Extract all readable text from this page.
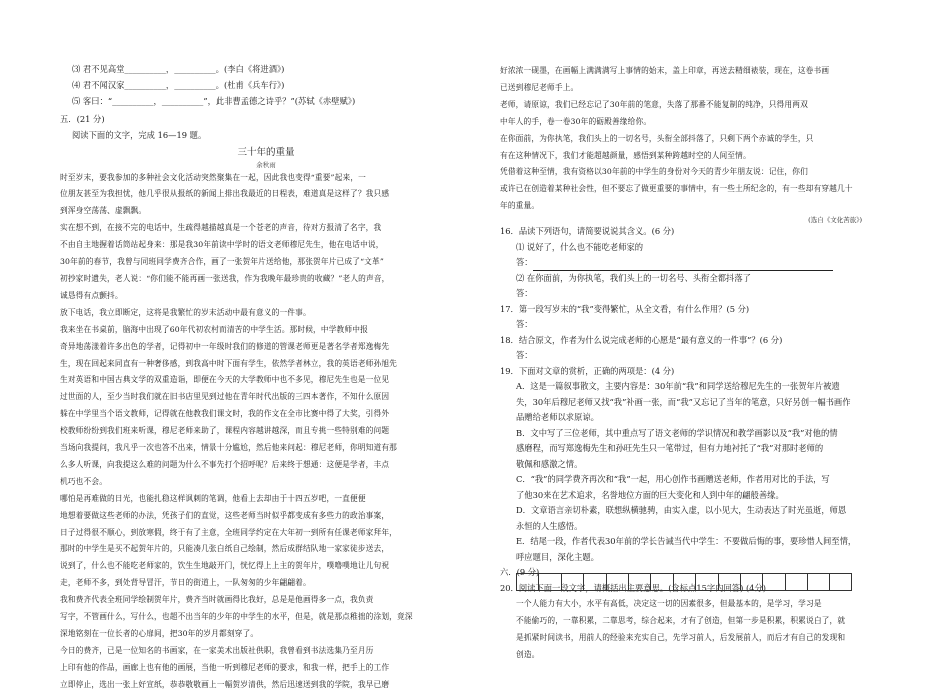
⑶ 君不见高堂__________，__________。(李白《将进酒》)
⑷ 君不闻汉家__________，__________。(杜甫《兵车行》)
⑸ 客曰：“__________，__________”，此非曹孟德之诗乎？”(苏轼《赤壁赋》)
五．(21 分)
阅读下面的文字，完成 16—19 题。
三十年的重量
余秋雨
时至岁末，要我参加的多种社会文化活动突然聚集在一起，因此我也变得“重要”起来，一
位朋友甚至为我担忧，他几乎很从报纸的新闻上排出我最近的日程表，难道真是这样了？我只感
到浑身空荡荡、虚飘飘。
实在想不到，在接不完的电话中，生疏得越描越真是一个苍老的声音，待对方报清了名字，我
不由自主地握着话筒站起身来：那是我30年前读中学时的语文老师穆尼先生，他在电话中说，
30年前的春节，我曾与同班同学费齐合作，画了一张贺年片送给他，那张贺年片已成了“文革”
初抄家时遗失，老人说：“你们能不能再画一张送我，作为我晚年最珍贵的收藏？”老人的声音，
诚恳得有点颤抖。
放下电话，我立即断定，这将是我繁忙的岁末活动中最有意义的一件事。
我来坐在书桌前，脑海中出现了60年代初农村而清苦的中学生活。那时候，中学教师中报
奇异地荡漾着许多出色的学者，记得初中一年级时我们的修道的管课老师更是著名学者郑逸梅先
生，现在回起来同直有一种奢侈感，到我高中时下面有学生，依然学者林立，我的英语老师孙旭先
生对英语和中国古典文学的双重造诣，即便在今天的大学教师中也不多见，穆尼先生也是一位见
过世面的人，至少当时我们就在旧书店里见到过他在青年时代出版的三四本著作，不知什么原因
躲在中学里当个语文教师，记得就在他教我们课文时，我的作文在全市比赛中得了大奖，引得外
校教师纷纷到我们班来听课，穆尼老师来助了，课程内容越讲越深，而且专挑一些特别难的问题
当场向我提问，我凡乎一次也答不出来，情景十分尴尬，然后他来问起：穆尼老师，你明知道有那
么多人听课，向我提这么难的问题为什么不事先打个招呼呢？后来终于想通：这便是学者，丰点
机巧也不会。
哪怕是再难做的日光，也能扎稳这样讽刺的笔调，他看上去却由于十四五岁吧，一直便便
地想着要做这些老师的办法，凭孩子们的直觉，这些老师当时似乎都变成有多些力的政治事案，
日子过得很不顺心，到放寒假，终于有了主意，全班同学约定在大年初一到所有任课老师家拜年，
那时的中学生是买不起贺年片的，只能凑几张白纸自己绘制，然后成群结队地一家家徒步送去，
说到了，什么也不能吃老师家的，饮生生地敲开门，恍忆得上上主的贺年片，噗噜噗地让儿句祝
走，老师不多，到处背导冒汗，节日的街道上，一队匆匆的少年翩翩着。
我和费齐代表全班同学绘制贺年片，费齐当时就画得比我好，总是是他画得多一点，我负责
写字，不管画什么，写什么，也超不出当年的少年的中学生的水平，但是，就是那点稚拙的涂划，竟深
深地铭刻在一位长者的心扉间，把30年的岁月都刻穿了。
今日的费齐，已是一位知名的书画家，在一家美术出版社供职，我曾看到书法选集乃至月历
上印有他的作品，画廊上也有他的画展，当他一听到穆尼老师的要求，和我一样，把手上的工作
立即停止，选出一张上好宣纸，恭恭敬敬画上一幅贺岁清供，然后迅速送到我的学院，我早已磨
好浓浓一砚墨，在画幅上满满满写上事情的始末，盖上印章，再送去精细裱装，现在，这卷书画
已送到穆尼老师手上。
老师，请原谅，我们已经忘记了30年前的笔意，失落了那番不能复制的纯净，只得用两双
中年人的手，卷一卷30年的砺殿善缘给你。
在你面前，为你执笔，我们头上的一切名号，头衔全部抖落了，只剩下两个赤诚的学生，只
有在这种情况下，我们才能超越颜量，感悟到某种跨越时空的人间至情。
凭借着这种至情，我有资格以30年前的中学生的身份对今天的青少年朋友说：记住，你们
或许已在创造着某种社会性，但不要忘了做更重要的事情中，有一些土所纪念的，有一些却有穿越几十
年的重量。
(选自《文化苦旅》)
16．品读下列语句，请简要说说其含义。(6 分)
⑴ 说好了，什么也不能吃老师家的
答：
⑵ 在你面前，为你执笔，我们头上的一切名号、头衔全都抖落了
答：
17．第一段写岁末的“我”变得繁忙，从全文看，有什么作用？(5 分)
答：
18．结合原文，作者为什么说完成老师的心愿是“最有意义的一件事”？(6 分)
答：
19．下面对文章的赏析，正确的两项是：(4 分)
A．这是一篇叙事散文，主要内容是：30年前“我”和同学送给穆尼先生的一张贺年片被遗
失，30年后穆尼老师又找“我”补画一张，而“我”又忘记了当年的笔意，只好另创一幅书画作
品赠给老师以求原谅。
B．文中写了三位老师，其中重点写了语文老师的学识情况和教学画影以及“我”对他的情
感磨程，而写郑逸梅先生和孙旺先生只一笔带过，但有力地衬托了“我”对那时老师的
敬佩和感激之情。
C．“我”的同学费齐再次和“我”一起，用心创作书画赠送老师，作者用对比的手法，写
了他30来在艺术追求，名誉地位方面的巨大变化和人到中年的翩般善缘。
D．文章语言亲切朴素，联想纵横驰骋，由实入虚，以小见大，生动表达了时光虽逝，师恩
永恒的人生感悟。
E．结尾一段，作者代表30年前的学长告诫当代中学生：不要做后悔的事，要珍惜人间至情，
呼应题目，深化主题。
六．(9 分)
20．阅读下面一段文字，请概括出主要意思。(含标点15字内回答) (4分)
一个人能力有大小，水平有高低，决定这一切的因素很多，但最基本的，是学习，学习是
不能偷巧的，一靠积累，二靠思考，综合起来，才有了创造，但第一步是积累，积累说白了，就
是抓紧时间读书，用前人的经验来充实自己，先学习前人，后发展前人，而后才有自己的发现和
创造。
